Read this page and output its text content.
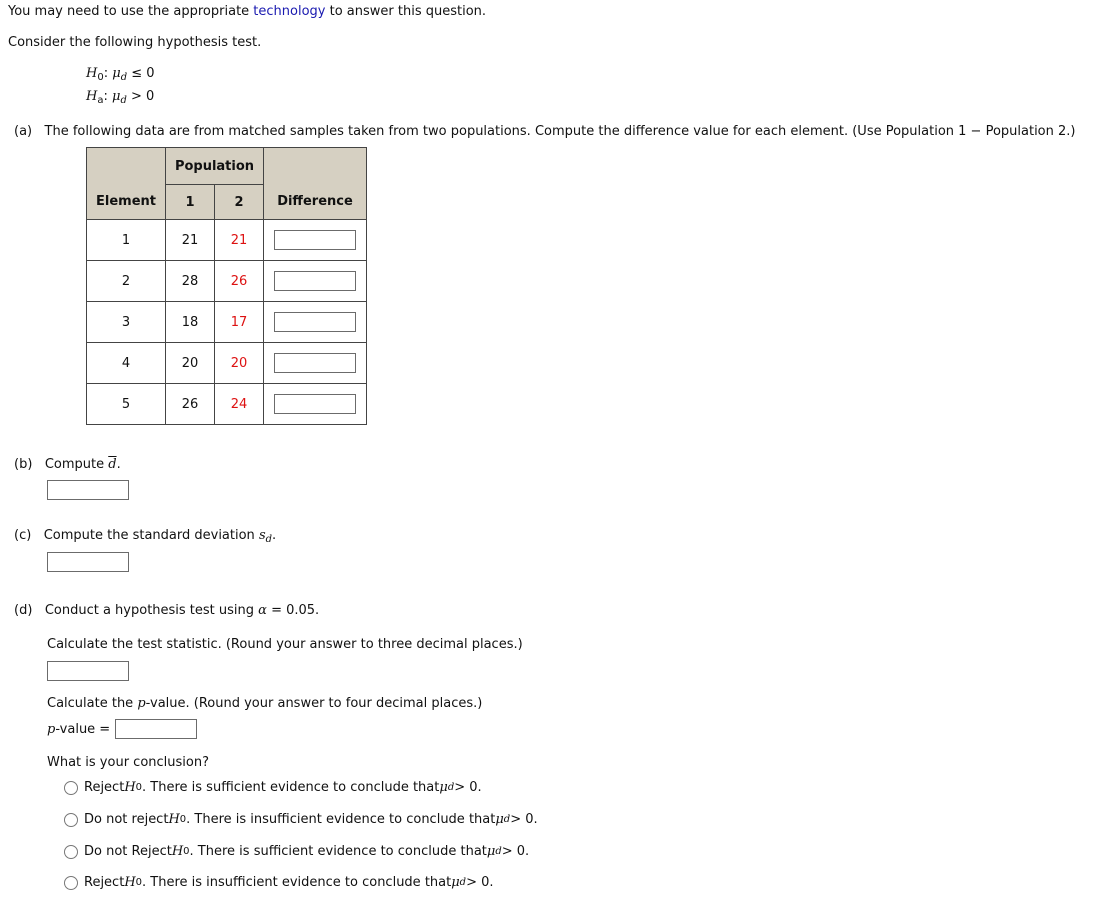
You may need to use the appropriate technology to answer this question.
Consider the following hypothesis test.
$H_0$: $\mu_d \le 0$
$H_a$: $\mu_d > 0$
(a) The following data are from matched samples taken from two populations. Compute the difference value for each element. (Use Population 1 − Population 2.)
	Population		
Element	1	2	Difference
1	21	21	
2	28	26	
3	18	17	
4	20	20	
5	26	24	
(b) Compute $\overline{d}$.
(c) Compute the standard deviation $s_d$.
(d) Conduct a hypothesis test using α = 0.05.
Calculate the test statistic. (Round your answer to three decimal places.)
Calculate the p-value. (Round your answer to four decimal places.)
p-value =
What is your conclusion?
Reject H 0 . There is sufficient evidence to conclude that μ d > 0.
Do not reject H 0 . There is insufficient evidence to conclude that μ d > 0.
Do not Reject H 0 . There is sufficient evidence to conclude that μ d > 0.
Reject H 0 . There is insufficient evidence to conclude that μ d > 0.
